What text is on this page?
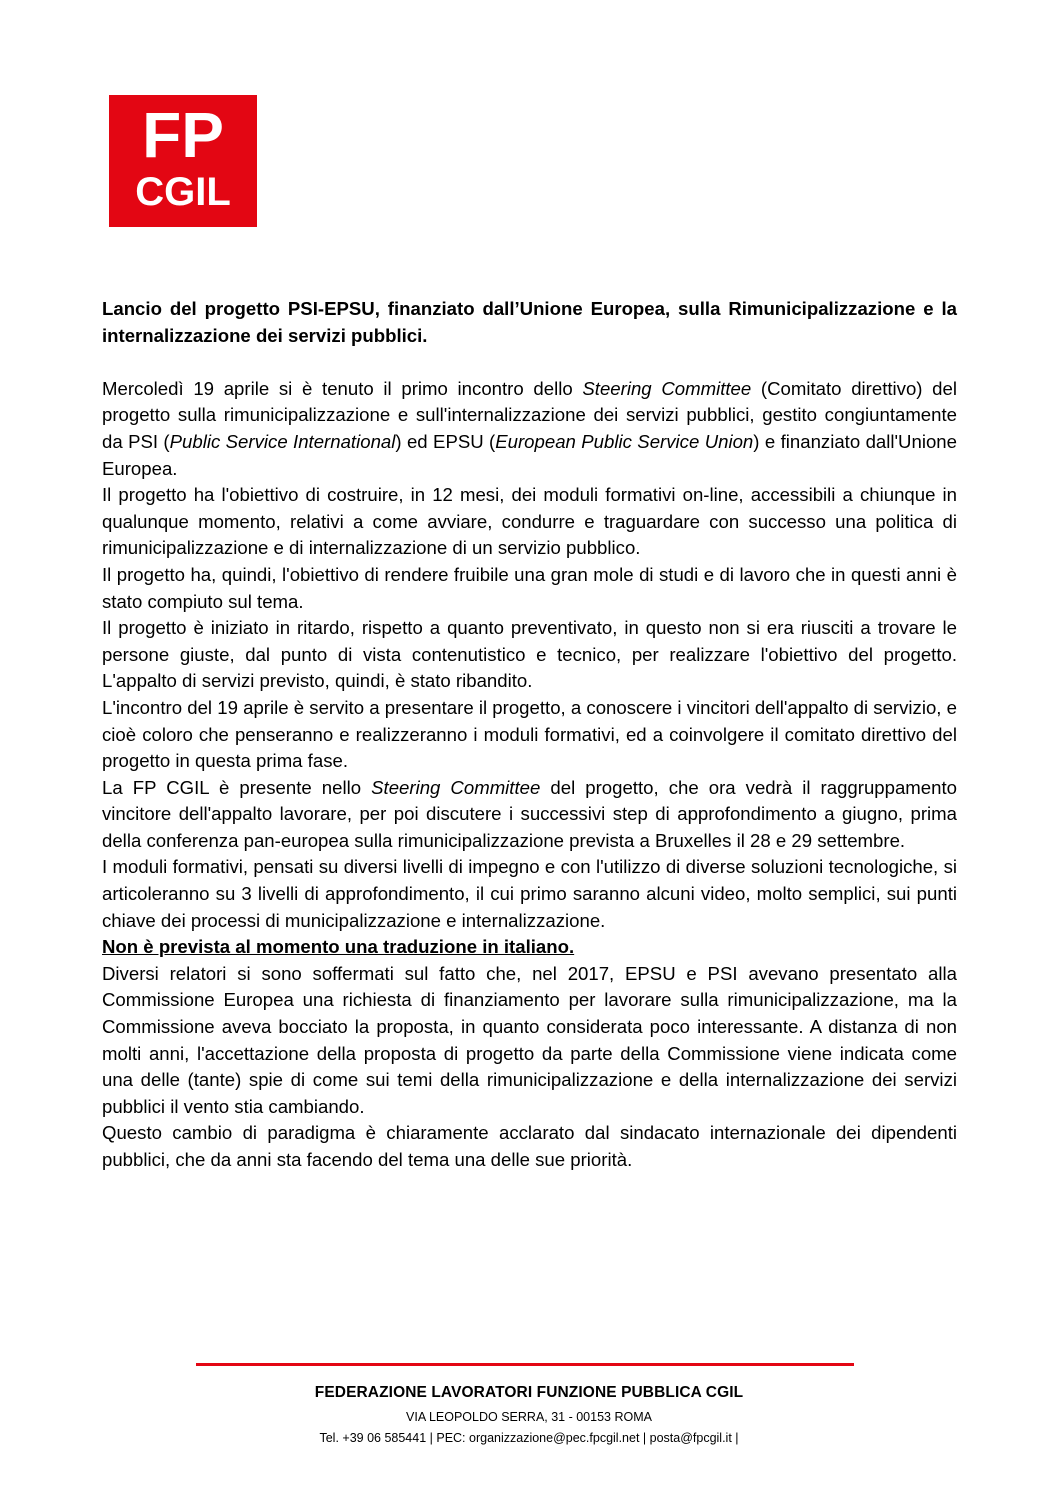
FP
CGIL

Lancio del progetto PSI-EPSU, finanziato dall’Unione Europea, sulla Rimunicipalizzazione e la internalizzazione dei servizi pubblici.

Mercoledì 19 aprile si è tenuto il primo incontro dello Steering Committee (Comitato direttivo) del progetto sulla rimunicipalizzazione e sull'internalizzazione dei servizi pubblici, gestito congiuntamente da PSI (Public Service International) ed EPSU (European Public Service Union) e finanziato dall'Unione Europea.

Il progetto ha l'obiettivo di costruire, in 12 mesi, dei moduli formativi on-line, accessibili a chiunque in qualunque momento, relativi a come avviare, condurre e traguardare con successo una politica di rimunicipalizzazione e di internalizzazione di un servizio pubblico.

Il progetto ha, quindi, l'obiettivo di rendere fruibile una gran mole di studi e di lavoro che in questi anni è stato compiuto sul tema.

Il progetto è iniziato in ritardo, rispetto a quanto preventivato, in questo non si era riusciti a trovare le persone giuste, dal punto di vista contenutistico e tecnico, per realizzare l'obiettivo del progetto. L'appalto di servizi previsto, quindi, è stato ribandito.

L'incontro del 19 aprile è servito a presentare il progetto, a conoscere i vincitori dell'appalto di servizio, e cioè coloro che penseranno e realizzeranno i moduli formativi, ed a coinvolgere il comitato direttivo del progetto in questa prima fase.

La FP CGIL è presente nello Steering Committee del progetto, che ora vedrà il raggruppamento vincitore dell'appalto lavorare, per poi discutere i successivi step di approfondimento a giugno, prima della conferenza pan-europea sulla rimunicipalizzazione prevista a Bruxelles il 28 e 29 settembre.

I moduli formativi, pensati su diversi livelli di impegno e con l'utilizzo di diverse soluzioni tecnologiche, si articoleranno su 3 livelli di approfondimento, il cui primo saranno alcuni video, molto semplici, sui punti chiave dei processi di municipalizzazione e internalizzazione.

Non è prevista al momento una traduzione in italiano.

Diversi relatori si sono soffermati sul fatto che, nel 2017, EPSU e PSI avevano presentato alla Commissione Europea una richiesta di finanziamento per lavorare sulla rimunicipalizzazione, ma la Commissione aveva bocciato la proposta, in quanto considerata poco interessante. A distanza di non molti anni, l'accettazione della proposta di progetto da parte della Commissione viene indicata come una delle (tante) spie di come sui temi della rimunicipalizzazione e della internalizzazione dei servizi pubblici il vento stia cambiando.

Questo cambio di paradigma è chiaramente acclarato dal sindacato internazionale dei dipendenti pubblici, che da anni sta facendo del tema una delle sue priorità.

FEDERAZIONE LAVORATORI FUNZIONE PUBBLICA CGIL
VIA LEOPOLDO SERRA, 31 - 00153 ROMA
Tel. +39 06 585441 | PEC: organizzazione@pec.fpcgil.net | posta@fpcgil.it |
